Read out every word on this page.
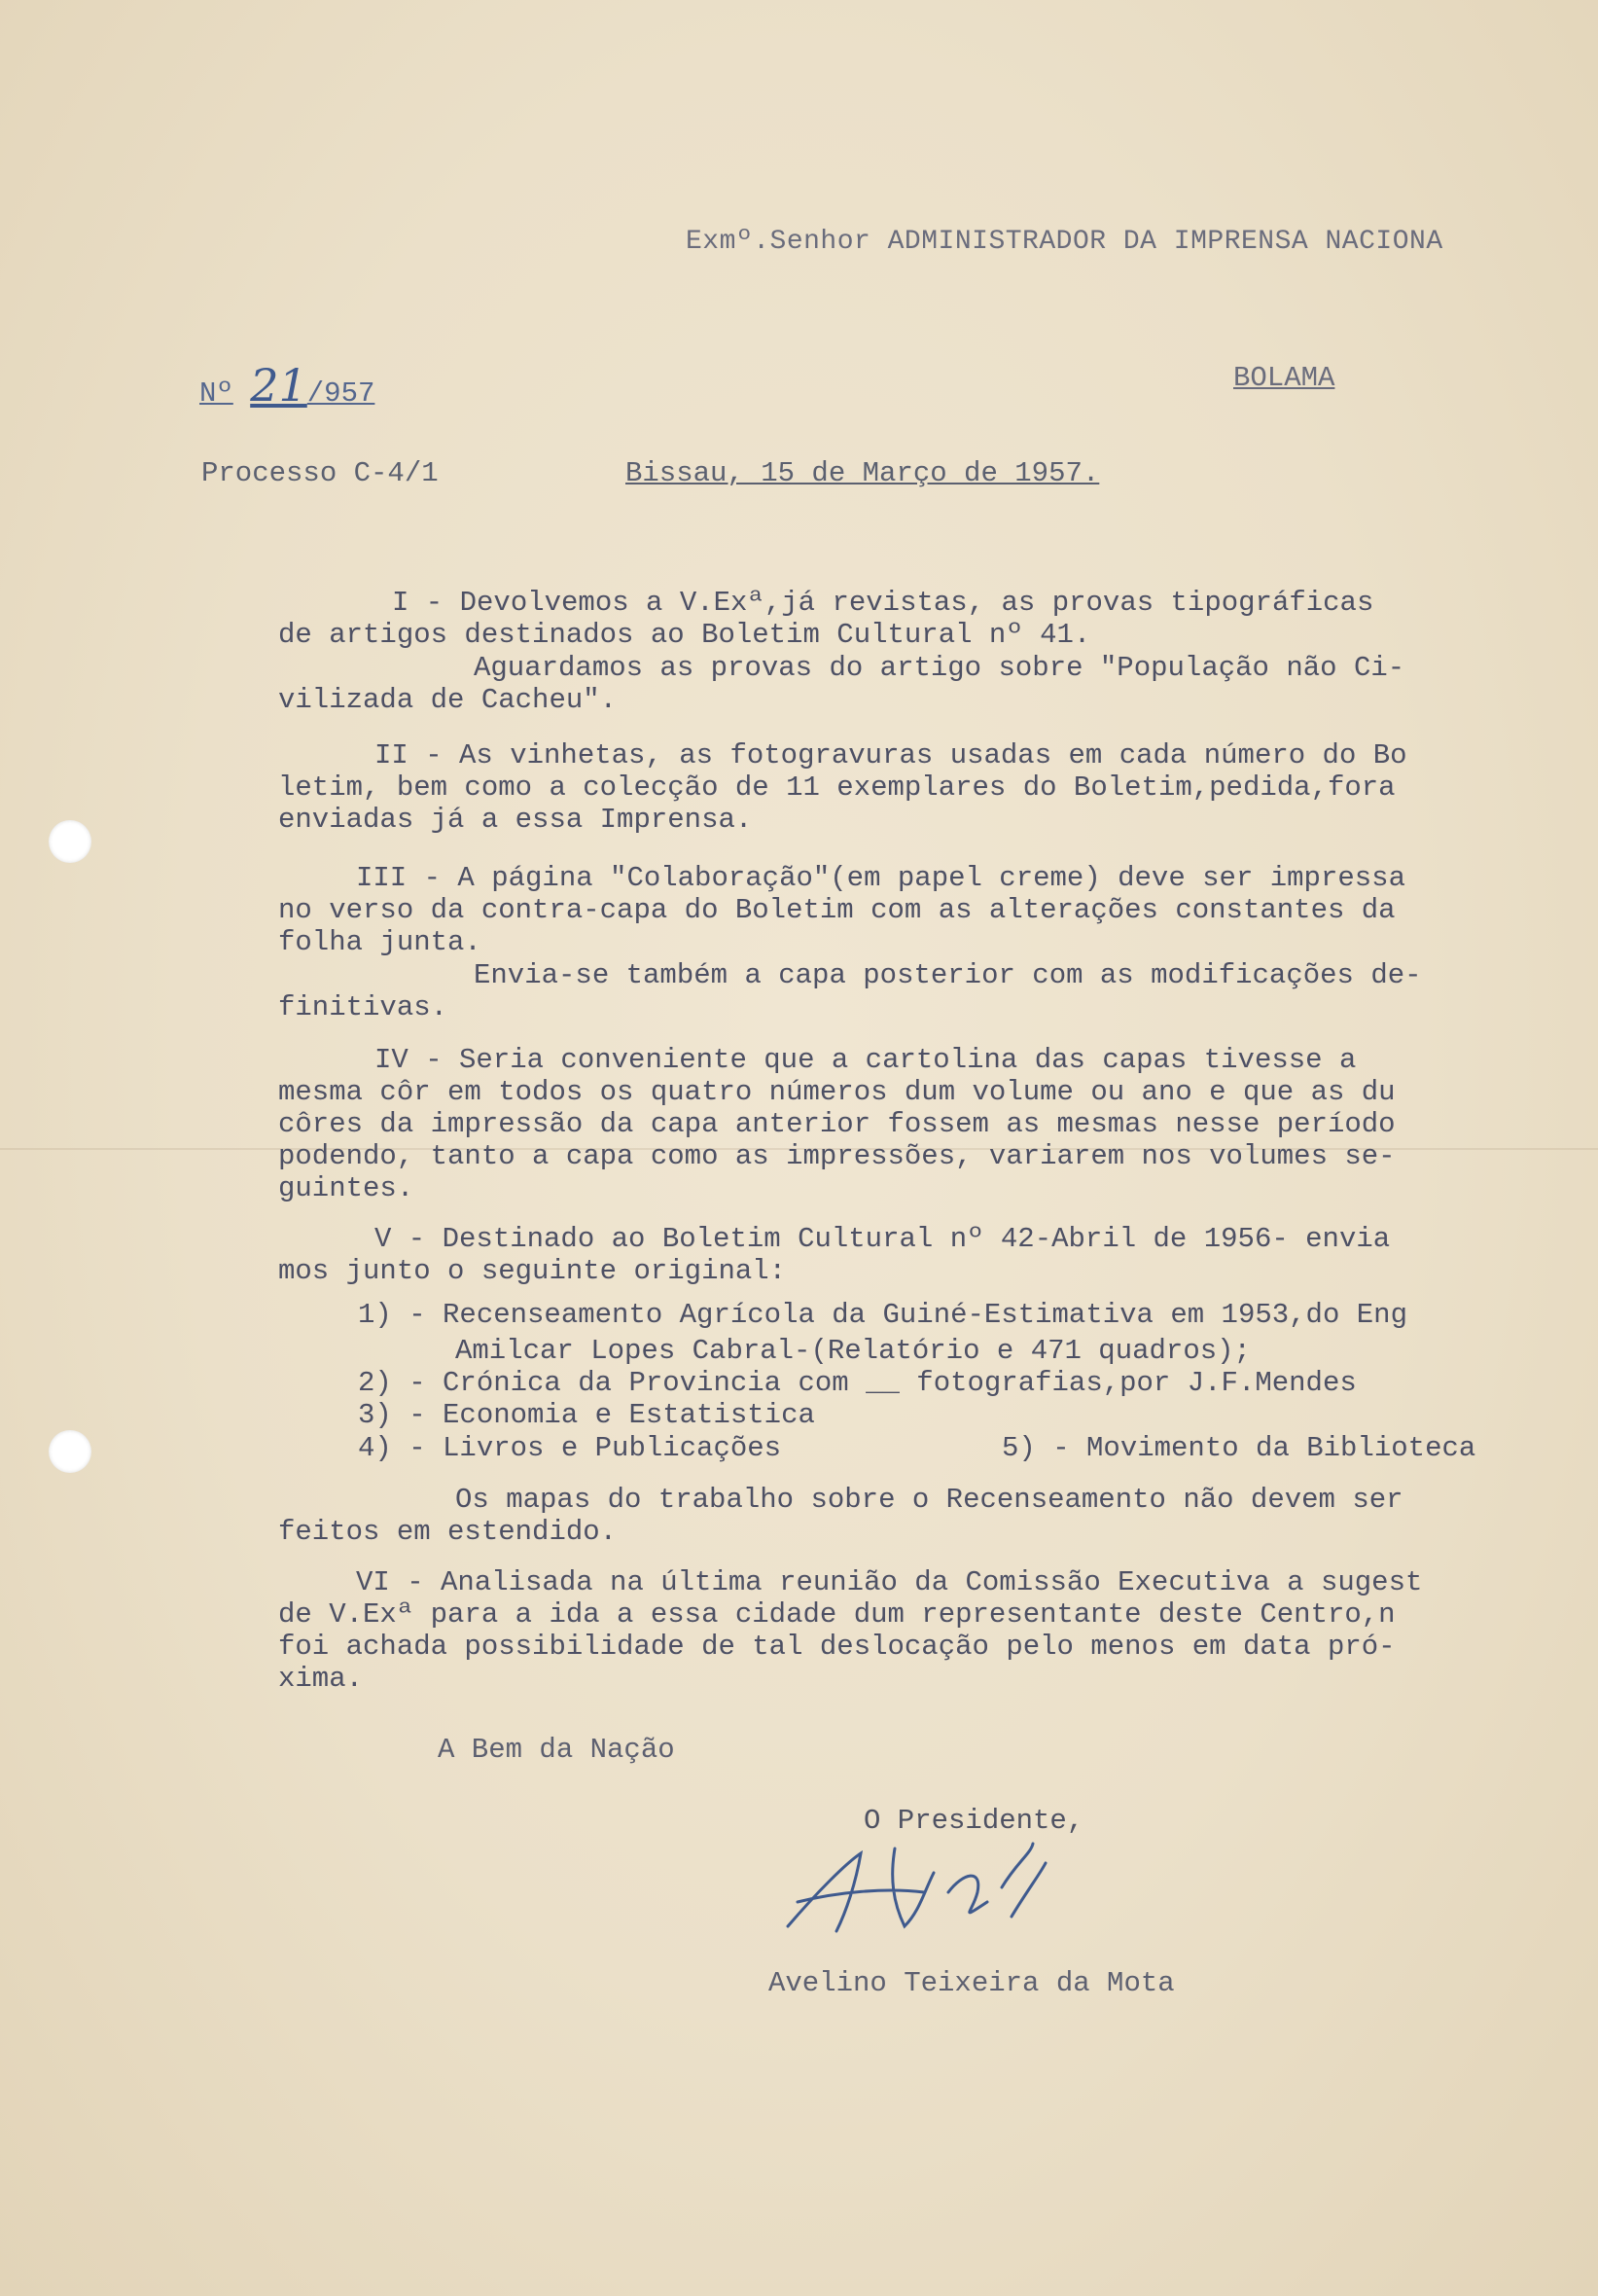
Exmº.Senhor ADMINISTRADOR DA IMPRENSA NACIONA
BOLAMA
Nº 21/957
Processo C-4/1	Bissau, 15 de Março de 1957.
I - Devolvemos a V.Exª,já revistas, as provas tipográficas
de artigos destinados ao Boletim Cultural nº 41.
Aguardamos as provas do artigo sobre "População não Ci-
vilizada de Cacheu".
II - As vinhetas, as fotogravuras usadas em cada número do Bo
letim, bem como a colecção de 11 exemplares do Boletim,pedida,fora
enviadas já a essa Imprensa.
III - A página "Colaboração"(em papel creme) deve ser impressa
no verso da contra-capa do Boletim com as alterações constantes da
folha junta.
Envia-se também a capa posterior com as modificações de-
finitivas.
IV - Seria conveniente que a cartolina das capas tivesse a
mesma côr em todos os quatro números dum volume ou ano e que as du
côres da impressão da capa anterior fossem as mesmas nesse período
podendo, tanto a capa como as impressões, variarem nos volumes se-
guintes.
V - Destinado ao Boletim Cultural nº 42-Abril de 1956- envia
mos junto o seguinte original:
1) - Recenseamento Agrícola da Guiné-Estimativa em 1953,do Eng
Amilcar Lopes Cabral-(Relatório e 471 quadros);
2) - Crónica da Provincia com __ fotografias,por J.F.Mendes
3) - Economia e Estatistica
4) - Livros e Publicações	5) - Movimento da Biblioteca
Os mapas do trabalho sobre o Recenseamento não devem ser
feitos em estendido.
VI - Analisada na última reunião da Comissão Executiva a sugest
de V.Exª para a ida a essa cidade dum representante deste Centro,n
foi achada possibilidade de tal deslocação pelo menos em data pró-
xima.
A Bem da Nação
O Presidente,
Avelino Teixeira da Mota
